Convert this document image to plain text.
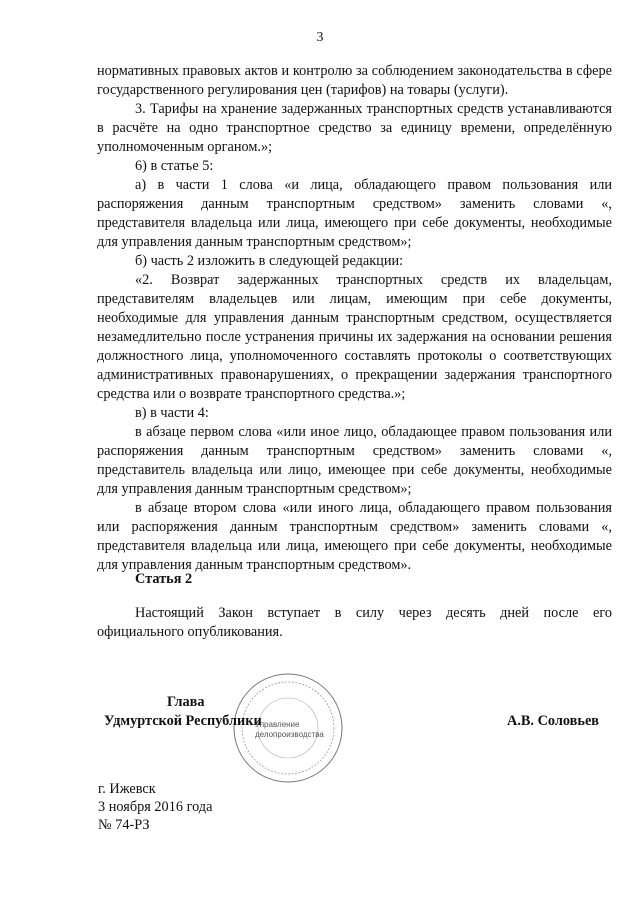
3

нормативных правовых актов и контролю за соблюдением законодательства в сфере государственного регулирования цен (тарифов) на товары (услуги).

3. Тарифы на хранение задержанных транспортных средств устанавливаются в расчёте на одно транспортное средство за единицу времени, определённую уполномоченным органом.»;

6) в статье 5:

а) в части 1 слова «и лица, обладающего правом пользования или распоряжения данным транспортным средством» заменить словами «, представителя владельца или лица, имеющего при себе документы, необходимые для управления данным транспортным средством»;

б) часть 2 изложить в следующей редакции:

«2. Возврат задержанных транспортных средств их владельцам, представителям владельцев или лицам, имеющим при себе документы, необходимые для управления данным транспортным средством, осуществляется незамедлительно после устранения причины их задержания на основании решения должностного лица, уполномоченного составлять протоколы о соответствующих административных правонарушениях, о прекращении задержания транспортного средства или о возврате транспортного средства.»;

в) в части 4:

в абзаце первом слова «или иное лицо, обладающее правом пользования или распоряжения данным транспортным средством» заменить словами «, представитель владельца или лицо, имеющее при себе документы, необходимые для управления данным транспортным средством»;

в абзаце втором слова «или иного лица, обладающего правом пользования или распоряжения данным транспортным средством» заменить словами «, представителя владельца или лица, имеющего при себе документы, необходимые для управления данным транспортным средством».

Статья 2
Настоящий Закон вступает в силу через десять дней после его
официального опубликования.
Управление
делопроизводства
Глава
Удмуртской Республики	А.В. Соловьев
г. Ижевск
3 ноября 2016 года
№ 74-РЗ
